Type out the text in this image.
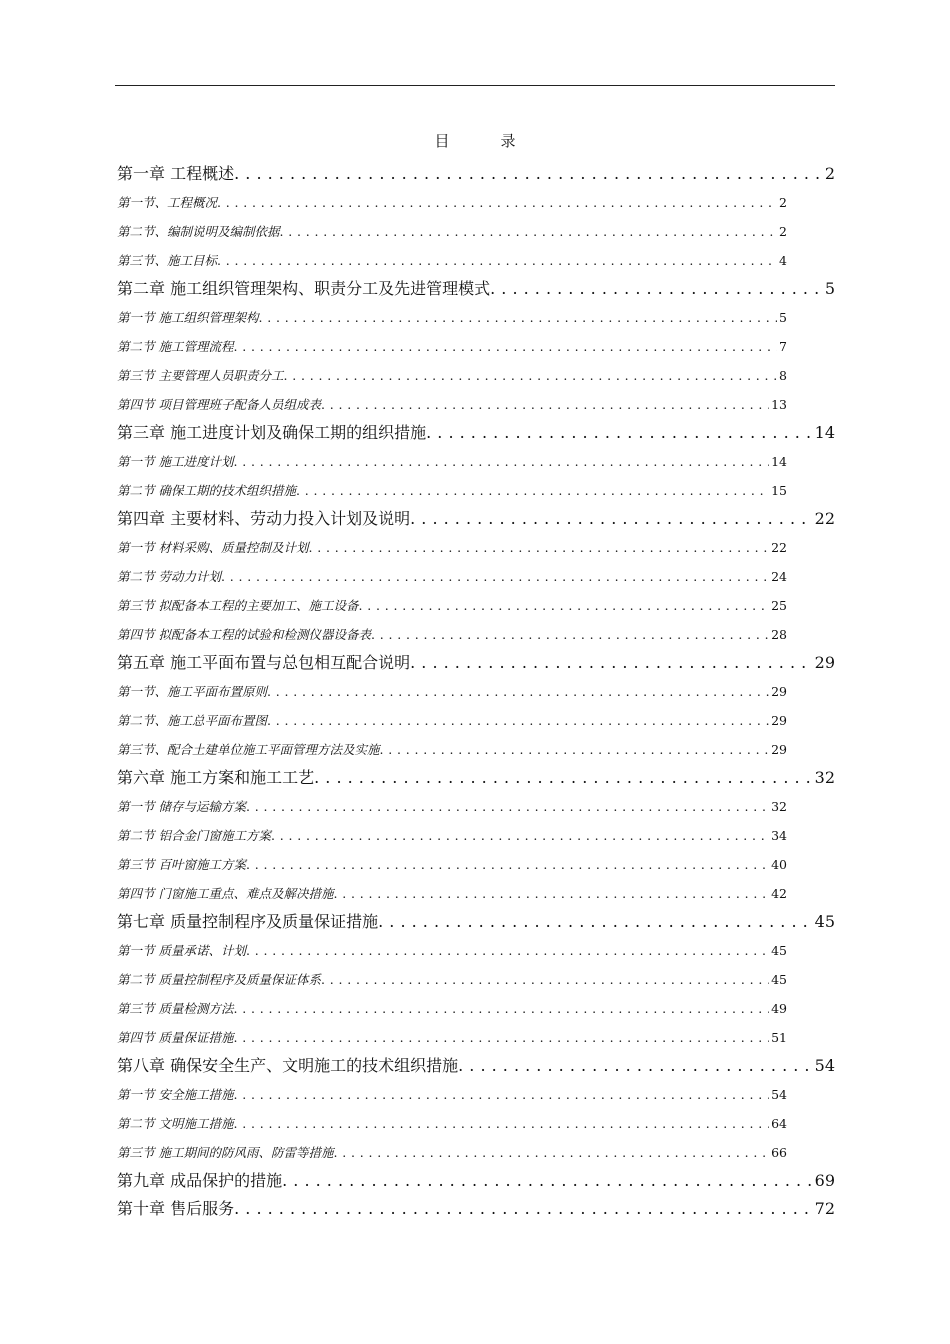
目　录
第一章 工程概述 . . .	2
第一节、工程概况 . . .	2
第二节、编制说明及编制依据 . . .	2
第三节、施工目标 . . .	4
第二章 施工组织管理架构、职责分工及先进管理模式 . . .	5
第一节 施工组织管理架构 . . .	5
第二节 施工管理流程 . . .	7
第三节 主要管理人员职责分工 . . .	8
第四节 项目管理班子配备人员组成表 . . .	13
第三章 施工进度计划及确保工期的组织措施 . . .	14
第一节 施工进度计划 . . .	14
第二节 确保工期的技术组织措施 . . .	15
第四章 主要材料、劳动力投入计划及说明 . . .	22
第一节 材料采购、质量控制及计划 . . .	22
第二节 劳动力计划 . . .	24
第三节 拟配备本工程的主要加工、施工设备 . . .	25
第四节 拟配备本工程的试验和检测仪器设备表 . . .	28
第五章 施工平面布置与总包相互配合说明 . . .	29
第一节、施工平面布置原则 . . .	29
第二节、施工总平面布置图 . . .	29
第三节、配合土建单位施工平面管理方法及实施 . . .	29
第六章 施工方案和施工工艺 . . .	32
第一节 储存与运输方案 . . .	32
第二节 铝合金门窗施工方案 . . .	34
第三节 百叶窗施工方案 . . .	40
第四节 门窗施工重点、难点及解决措施 . . .	42
第七章 质量控制程序及质量保证措施 . . .	45
第一节 质量承诺、计划 . . .	45
第二节 质量控制程序及质量保证体系 . . .	45
第三节 质量检测方法 . . .	49
第四节 质量保证措施 . . .	51
第八章 确保安全生产、文明施工的技术组织措施 . . .	54
第一节 安全施工措施 . . .	54
第二节 文明施工措施 . . .	64
第三节 施工期间的防风雨、防雷等措施 . . .	66
第九章 成品保护的措施 . . .	69
第十章 售后服务 . . .	72
